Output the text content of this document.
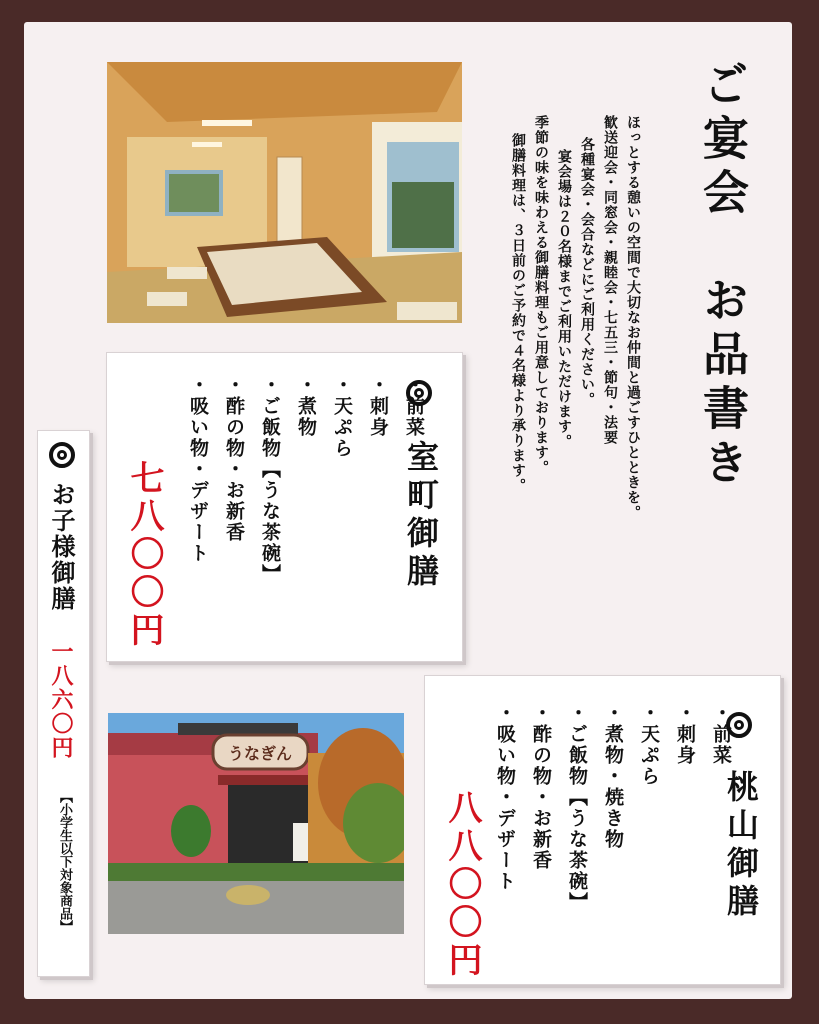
ご宴会　お品書き
ほっとする憩いの空間で大切なお仲間と過ごすひとときを。
歓送迎会・同窓会・親睦会・七五三・節句・法要
各種宴会・会合などにご利用ください。
宴会場は２０名様までご利用いただけます。
季節の味を味わえる御膳料理もご用意しております。
御膳料理は、３日前のご予約で４名様より承ります。
室町御膳
・前菜
・刺身
・天ぷら
・煮物
・ご飯物【うな茶碗】
・酢の物・お新香
・吸い物・デザート
七八〇〇円
お子様御膳
一八六〇円
【小学生以下対象商品】
うなぎん
桃山御膳
・前菜
・刺身
・天ぷら
・煮物・焼き物
・ご飯物【うな茶碗】
・酢の物・お新香
・吸い物・デザート
八八〇〇円
